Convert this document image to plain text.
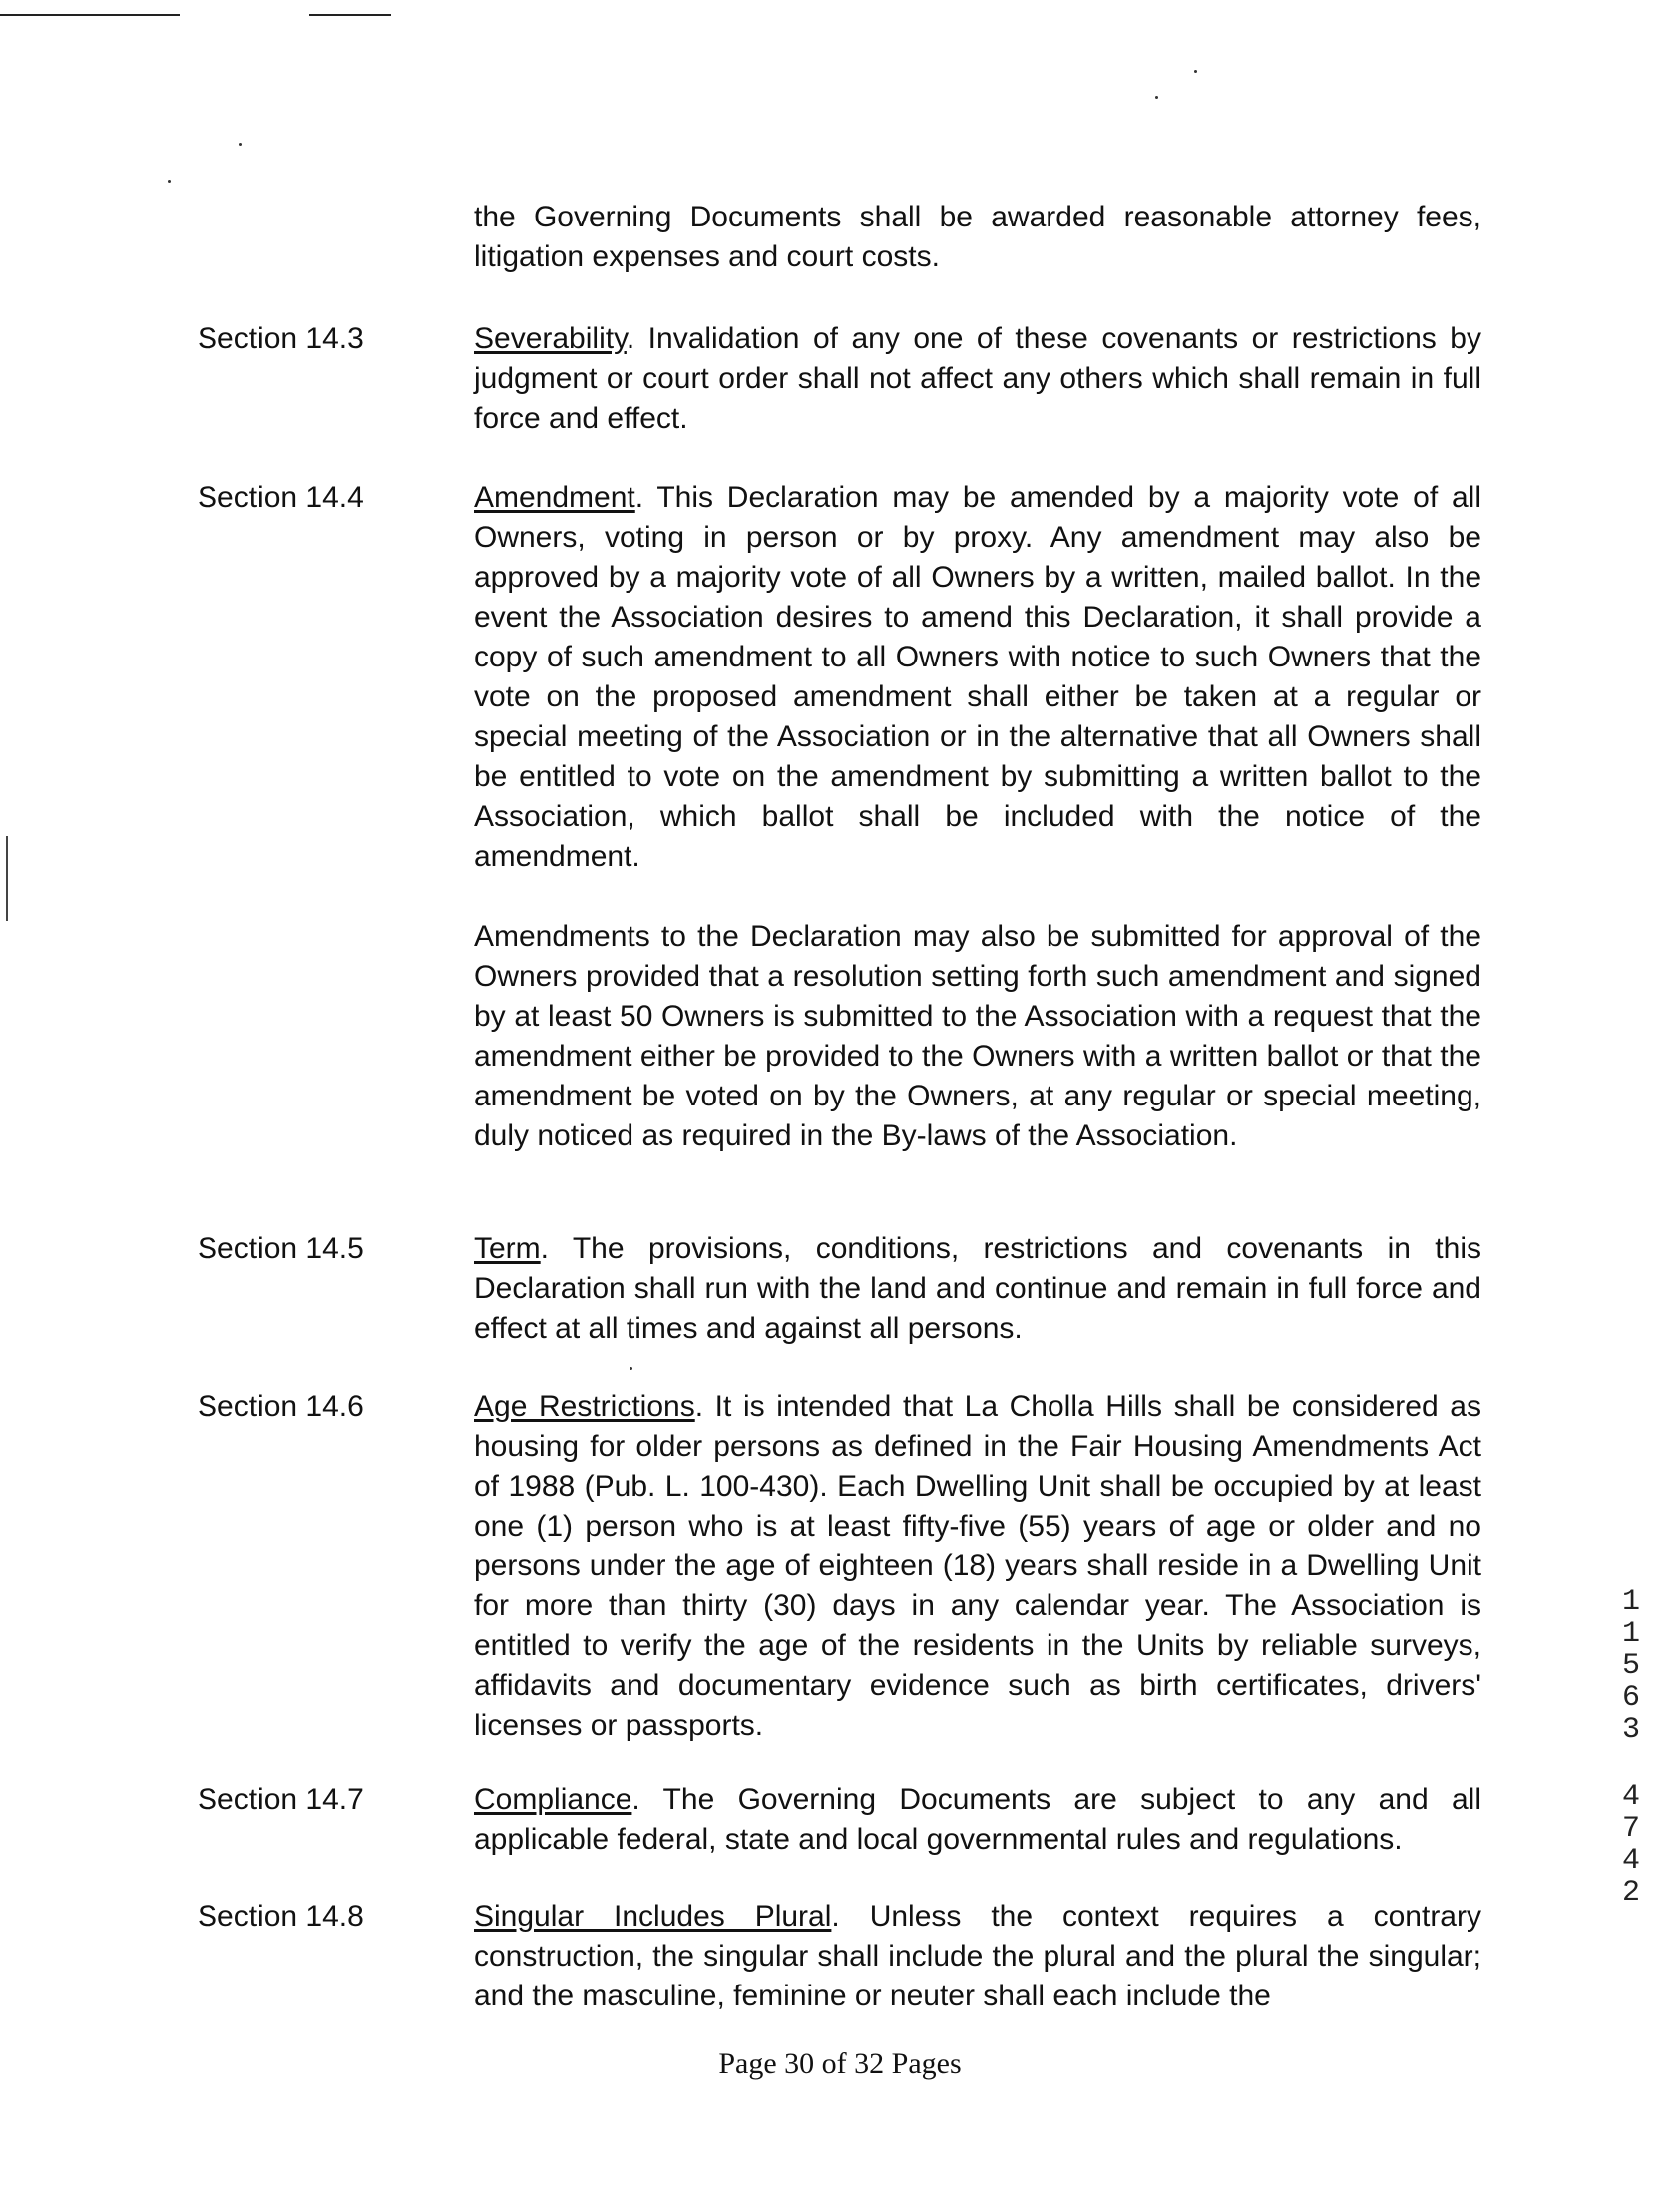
the Governing Documents shall be awarded reasonable attorney fees, litigation expenses and court costs.

Section 14.3	Severability. Invalidation of any one of these covenants or restrictions by judgment or court order shall not affect any others which shall remain in full force and effect.

Section 14.4	Amendment. This Declaration may be amended by a majority vote of all Owners, voting in person or by proxy. Any amendment may also be approved by a majority vote of all Owners by a written, mailed ballot. In the event the Association desires to amend this Declaration, it shall provide a copy of such amendment to all Owners with notice to such Owners that the vote on the proposed amendment shall either be taken at a regular or special meeting of the Association or in the alternative that all Owners shall be entitled to vote on the amendment by submitting a written ballot to the Association, which ballot shall be included with the notice of the amendment.

Amendments to the Declaration may also be submitted for approval of the Owners provided that a resolution setting forth such amendment and signed by at least 50 Owners is submitted to the Association with a request that the amendment either be provided to the Owners with a written ballot or that the amendment be voted on by the Owners, at any regular or special meeting, duly noticed as required in the By-laws of the Association.

Section 14.5	Term. The provisions, conditions, restrictions and covenants in this Declaration shall run with the land and continue and remain in full force and effect at all times and against all persons.

Section 14.6	Age Restrictions. It is intended that La Cholla Hills shall be considered as housing for older persons as defined in the Fair Housing Amendments Act of 1988 (Pub. L. 100-430). Each Dwelling Unit shall be occupied by at least one (1) person who is at least fifty-five (55) years of age or older and no persons under the age of eighteen (18) years shall reside in a Dwelling Unit for more than thirty (30) days in any calendar year. The Association is entitled to verify the age of the residents in the Units by reliable surveys, affidavits and documentary evidence such as birth certificates, drivers' licenses or passports.

Section 14.7	Compliance. The Governing Documents are subject to any and all applicable federal, state and local governmental rules and regulations.

Section 14.8	Singular Includes Plural. Unless the context requires a contrary construction, the singular shall include the plural and the plural the singular; and the masculine, feminine or neuter shall each include the

1
1
5
6
3
4
7
4
2
Page 30 of 32 Pages
